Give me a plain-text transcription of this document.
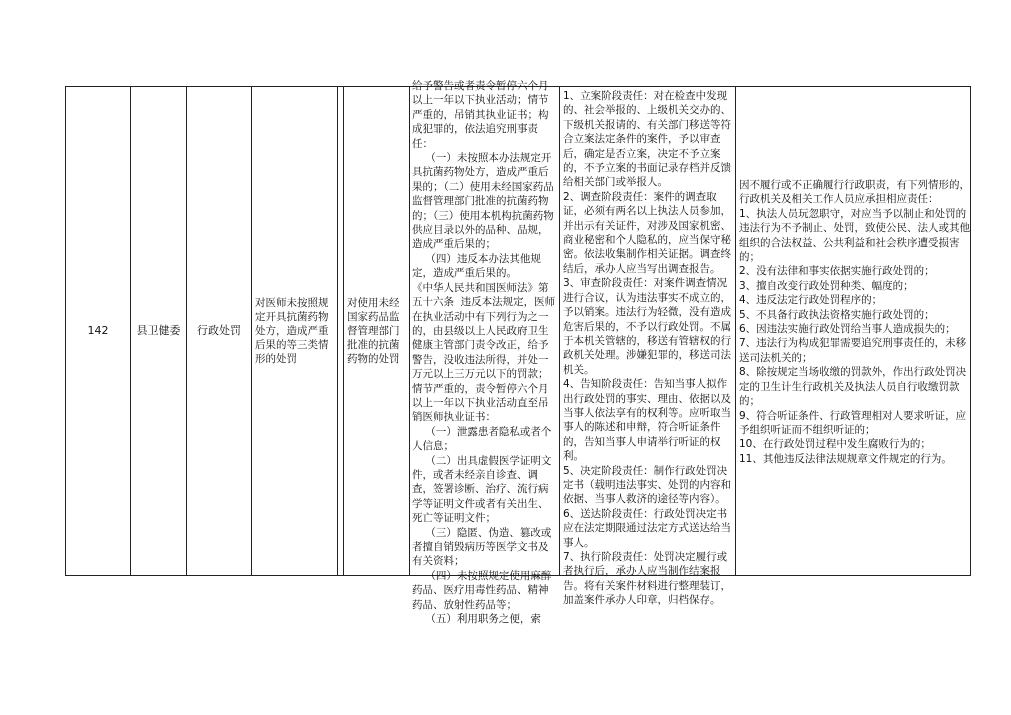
142	县卫健委 行政处罚
对医师未按照规定开具抗菌药物处方，造成严重后果的等三类情形的处罚
对使用未经国家药品监督管理部门批准的抗菌药物的处罚
给予警告或者责令暂停六个月以上一年以下执业活动；情节严重的，吊销其执业证书；构成犯罪的，依法追究刑事责任：
（一）未按照本办法规定开具抗菌药物处方，造成严重后果的；（二）使用未经国家药品监督管理部门批准的抗菌药物的；（三）使用本机构抗菌药物供应目录以外的品种、品规，造成严重后果的；
（四）违反本办法其他规定，造成严重后果的。
《中华人民共和国医师法》第五十六条  违反本法规定，医师在执业活动中有下列行为之一的，由县级以上人民政府卫生健康主管部门责令改正，给予警告，没收违法所得，并处一万元以上三万元以下的罚款；情节严重的，责令暂停六个月以上一年以下执业活动直至吊销医师执业证书：
（一）泄露患者隐私或者个人信息；
（二）出具虚假医学证明文件，或者未经亲自诊查、调查，签署诊断、治疗、流行病学等证明文件或者有关出生、死亡等证明文件；
（三）隐匿、伪造、篡改或者擅自销毁病历等医学文书及有关资料；
（四）未按照规定使用麻醉药品、医疗用毒性药品、精神药品、放射性药品等；
（五）利用职务之便，索
1、立案阶段责任：对在检查中发现的、社会举报的、上级机关交办的、下级机关报请的、有关部门移送等符合立案法定条件的案件，予以审查后，确定是否立案，决定不予立案的，不予立案的书面记录存档并反馈给相关部门或举报人。
2、调查阶段责任：案件的调查取证，必须有两名以上执法人员参加，并出示有关证件，对涉及国家机密、商业秘密和个人隐私的，应当保守秘密。依法收集制作相关证据。调查终结后，承办人应当写出调查报告。
3、审查阶段责任：对案件调查情况进行合议，认为违法事实不成立的，予以销案。违法行为轻微，没有造成危害后果的，不予以行政处罚。不属于本机关管辖的，移送有管辖权的行政机关处理。涉嫌犯罪的，移送司法机关。
4、告知阶段责任：告知当事人拟作出行政处罚的事实、理由、依据以及当事人依法享有的权利等。应听取当事人的陈述和申辩，符合听证条件的，告知当事人申请举行听证的权利。
5、决定阶段责任：制作行政处罚决定书（载明违法事实、处罚的内容和依据、当事人救济的途径等内容）。
6、送达阶段责任：行政处罚决定书应在法定期限通过法定方式送达给当事人。
7、执行阶段责任：处罚决定履行或者执行后，承办人应当制作结案报告。将有关案件材料进行整理装订，加盖案件承办人印章，归档保存。
因不履行或不正确履行行政职责，有下列情形的，行政机关及相关工作人员应承担相应责任：
1、执法人员玩忽职守，对应当予以制止和处罚的违法行为不予制止、处罚，致使公民、法人或其他组织的合法权益、公共利益和社会秩序遭受损害的；
2、没有法律和事实依据实施行政处罚的；
3、擅自改变行政处罚种类、幅度的；
4、违反法定行政处罚程序的；
5、不具备行政执法资格实施行政处罚的；
6、因违法实施行政处罚给当事人造成损失的；
7、违法行为构成犯罪需要追究刑事责任的，未移送司法机关的；
8、除按规定当场收缴的罚款外，作出行政处罚决定的卫生计生行政机关及执法人员自行收缴罚款的；
9、符合听证条件、行政管理相对人要求听证，应予组织听证而不组织听证的；
10、在行政处罚过程中发生腐败行为的；
11、其他违反法律法规规章文件规定的行为。
